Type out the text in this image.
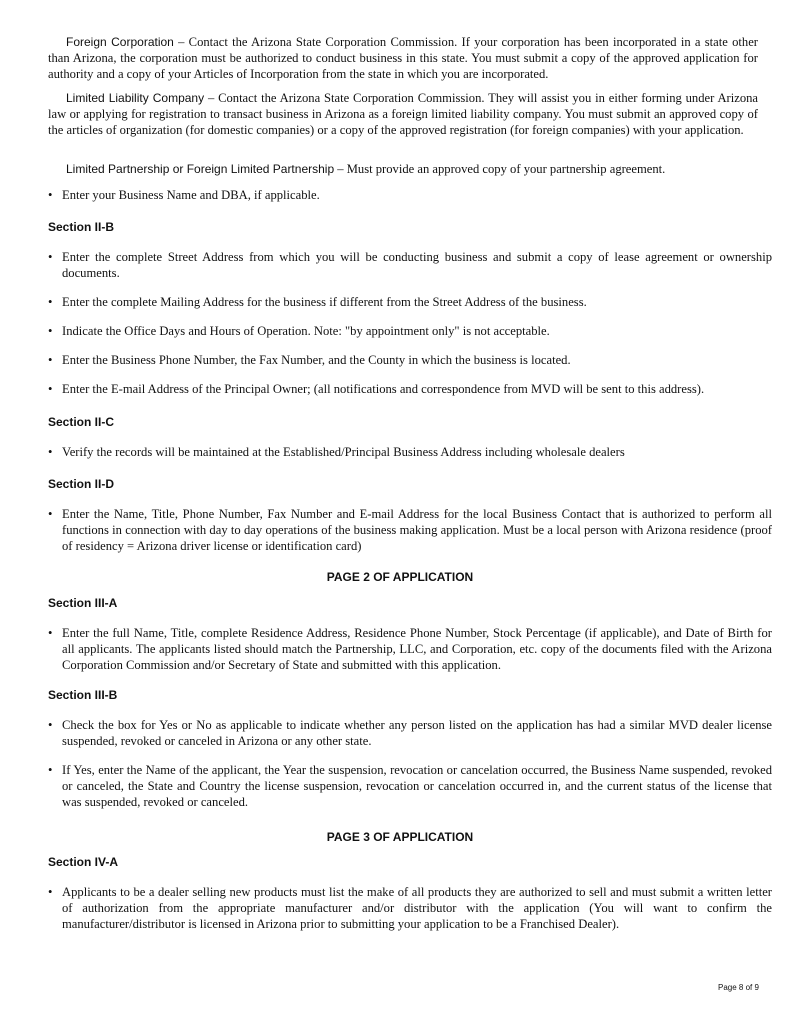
Foreign Corporation – Contact the Arizona State Corporation Commission. If your corporation has been incorporated in a state other than Arizona, the corporation must be authorized to conduct business in this state. You must submit a copy of the approved application for authority and a copy of your Articles of Incorporation from the state in which you are incorporated.
Limited Liability Company – Contact the Arizona State Corporation Commission. They will assist you in either forming under Arizona law or applying for registration to transact business in Arizona as a foreign limited liability company. You must submit an approved copy of the articles of organization (for domestic companies) or a copy of the approved registration (for foreign companies) with your application.
Limited Partnership or Foreign Limited Partnership – Must provide an approved copy of your partnership agreement.
• Enter your Business Name and DBA, if applicable.
Section II-B
• Enter the complete Street Address from which you will be conducting business and submit a copy of lease agreement or ownership documents.
• Enter the complete Mailing Address for the business if different from the Street Address of the business.
• Indicate the Office Days and Hours of Operation. Note: "by appointment only" is not acceptable.
• Enter the Business Phone Number, the Fax Number, and the County in which the business is located.
• Enter the E-mail Address of the Principal Owner; (all notifications and correspondence from MVD will be sent to this address).
Section II-C
• Verify the records will be maintained at the Established/Principal Business Address including wholesale dealers
Section II-D
• Enter the Name, Title, Phone Number, Fax Number and E-mail Address for the local Business Contact that is authorized to perform all functions in connection with day to day operations of the business making application. Must be a local person with Arizona residence (proof of residency = Arizona driver license or identification card)
PAGE 2 OF APPLICATION
Section III-A
• Enter the full Name, Title, complete Residence Address, Residence Phone Number, Stock Percentage (if applicable), and Date of Birth for all applicants. The applicants listed should match the Partnership, LLC, and Corporation, etc. copy of the documents filed with the Arizona Corporation Commission and/or Secretary of State and submitted with this application.
Section III-B
• Check the box for Yes or No as applicable to indicate whether any person listed on the application has had a similar MVD dealer license suspended, revoked or canceled in Arizona or any other state.
• If Yes, enter the Name of the applicant, the Year the suspension, revocation or cancelation occurred, the Business Name suspended, revoked or canceled, the State and Country the license suspension, revocation or cancelation occurred in, and the current status of the license that was suspended, revoked or canceled.
PAGE 3 OF APPLICATION
Section IV-A
• Applicants to be a dealer selling new products must list the make of all products they are authorized to sell and must submit a written letter of authorization from the appropriate manufacturer and/or distributor with the application (You will want to confirm the manufacturer/distributor is licensed in Arizona prior to submitting your application to be a Franchised Dealer).
Page 8 of 9
